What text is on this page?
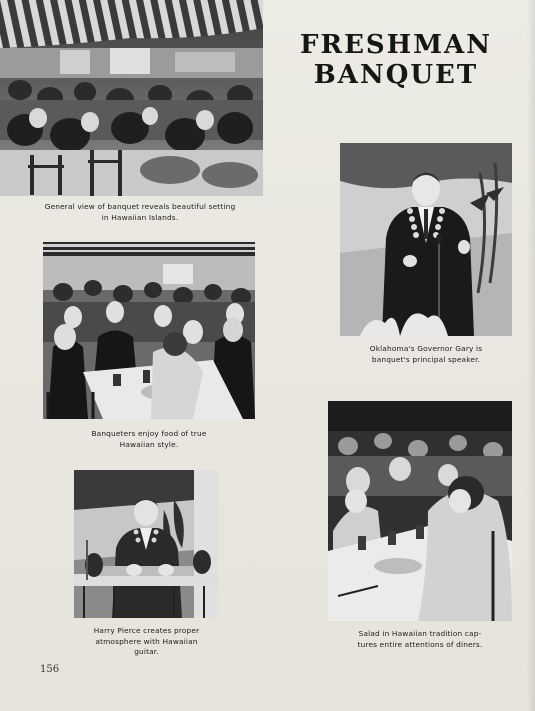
FRESHMAN
BANQUET
General view of banquet reveals beautiful setting
in Hawaiian Islands.
Oklahoma's Governor Gary is
banquet's principal speaker.
Banqueters enjoy food of true
Hawaiian style.
Salad in Hawaiian tradition cap-
tures entire attentions of diners.
Harry Pierce creates proper
atmosphere with Hawaiian
guitar.
156
